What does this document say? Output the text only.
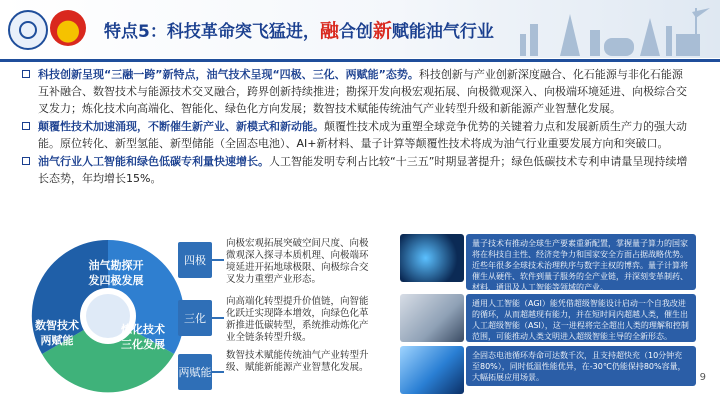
特点5：科技革命突飞猛进，融合创新赋能油气行业
科技创新呈现“三融一跨”新特点，油气技术呈现“四极、三化、两赋能”态势。科技创新与产业创新深度融合、化石能源与非化石能源互补融合、数智技术与能源技术交叉融合，跨界创新持续推进；勘探开发向极宏观拓展、向极微观深入、向极端环境延进、向极综合交叉发力；炼化技术向高端化、智能化、绿色化方向发展；数智技术赋能传统油气产业转型升级和新能源产业智慧化发展。
颠覆性技术加速涌现，不断催生新产业、新模式和新动能。颠覆性技术成为重塑全球竞争优势的关键着力点和发展新质生产力的强大动能。原位转化、新型氢能、新型储能（全固态电池）、AI+新材料、量子计算等颠覆性技术将成为油气行业重要发展方向和突破口。
油气行业人工智能和绿色低碳专利量快速增长。人工智能发明专利占比较“十三五”时期显著提升；绿色低碳技术专利申请量呈现持续增长态势，年均增长15%。
油气勘探开发四极发展
炼化技术三化发展
数智技术两赋能
四极
向极宏观拓展突破空间尺度、向极微观深入探寻本质机理、向极端环境延进开拓地球极限、向极综合交叉发力重塑产业形态。
三化
向高端化转型提升价值链，向智能化跃迁实现降本增效，向绿色化革新推进低碳转型，系统推动炼化产业全链条转型升级。
两赋能
数智技术赋能传统油气产业转型升级、赋能新能源产业智慧化发展。
量子技术有推动全球生产要素重新配置，掌握量子算力的国家将在科技自主性、经济竞争力和国家安全方面占据战略优势。近些年很多全球技术治理秩序与数字主权的博弈。量子计算将催生从硬件、软件到量子服务的全产业链，并深刻变革制药、材料、通讯及人工智能等领域的产业。
通用人工智能（AGI）能凭借超级智能设计启动一个自我改进的循环，从而超越现有能力，并在短时间内超越人类，催生出人工超级智能（ASI），这一进程将完全超出人类的理解和控制范围，可能推动人类文明进入超级智能主导的全新形态。
全固态电池循环寿命可达数千次，且支持超快充（10分钟充至80%），同时低温性能优异，在-30℃仍能保持80%容量，大幅拓展应用场景。	9
